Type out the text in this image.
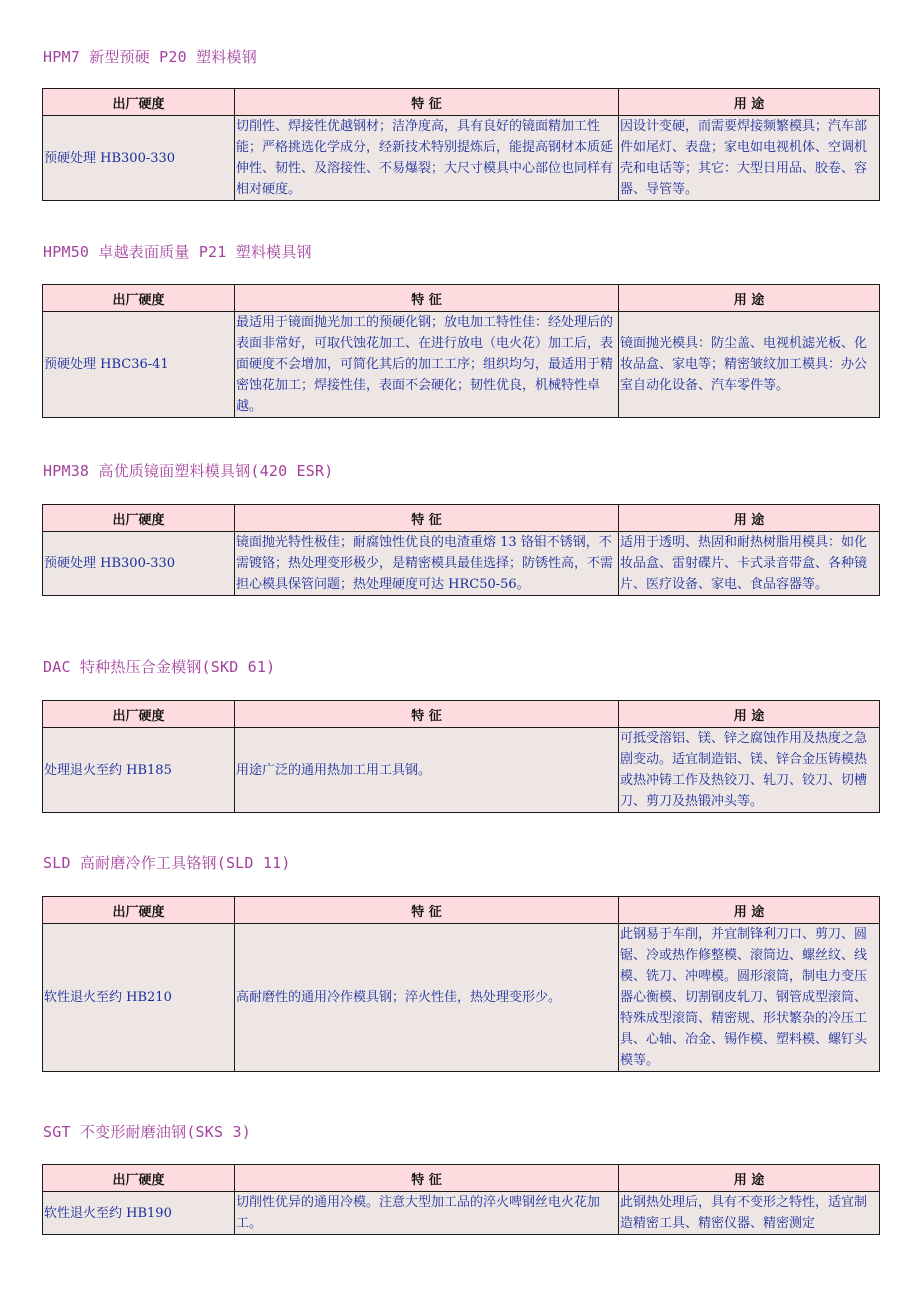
HPM7 新型预硬 P20 塑料模钢
出厂硬度	特 征	用 途
预硬处理 HB300-330	切削性、焊接性优越钢材；洁净度高，具有良好的镜面精加工性能；严格挑选化学成分，经新技术特别提炼后，能提高钢材本质延伸性、韧性、及溶接性、不易爆裂；大尺寸模具中心部位也同样有相对硬度。	因设计变硬，而需要焊接频繁模具；汽车部件如尾灯、表盘；家电如电视机体、空调机壳和电话等；其它：大型日用品、胶卷、容器、导管等。
HPM50 卓越表面质量 P21 塑料模具钢
出厂硬度	特 征	用 途
预硬处理 HBC36-41	最适用于镜面抛光加工的预硬化钢；放电加工特性佳：经处理后的表面非常好，可取代蚀花加工、在进行放电（电火花）加工后，表面硬度不会增加，可简化其后的加工工序；组织均匀，最适用于精密蚀花加工；焊接性佳，表面不会硬化；韧性优良，机械特性卓越。	镜面抛光模具：防尘盖、电视机滤光板、化妆品盒、家电等；精密皱纹加工模具：办公室自动化设备、汽车零件等。
HPM38 高优质镜面塑料模具钢(420 ESR)
出厂硬度	特 征	用 途
预硬处理 HB300-330	镜面抛光特性极佳；耐腐蚀性优良的电渣重熔 13 铬钼不锈钢，不需镀铬；热处理变形极少，是精密模具最佳选择；防锈性高，不需担心模具保管问题；热处理硬度可达 HRC50-56。	适用于透明、热固和耐热树脂用模具：如化妆品盒、雷射碟片、卡式录音带盒、各种镜片、医疗设备、家电、食品容器等。
DAC 特种热压合金模钢(SKD 61)
出厂硬度	特 征	用 途
处理退火至约 HB185	用途广泛的通用热加工用工具钢。	可抵受溶铝、镁、锌之腐蚀作用及热度之急剧变动。适宜制造铝、镁、锌合金压铸模热或热冲铸工作及热铰刀、轧刀、铰刀、切槽刀、剪刀及热锻冲头等。
SLD 高耐磨冷作工具铬钢(SLD 11)
出厂硬度	特 征	用 途
软性退火至约 HB210	高耐磨性的通用冷作模具钢；淬火性佳，热处理变形少。	此钢易于车削，并宜制锋利刀口、剪刀、圆锯、冷或热作修整模、滚筒边、螺丝纹、线模、铣刀、冲啤模。圆形滚筒，制电力变压器心衡模、切割钢皮轧刀、钢管成型滚筒、特殊成型滚筒、精密规、形状繁杂的冷压工具、心轴、冶金、锡作模、塑料模、螺钉头模等。
SGT 不变形耐磨油钢(SKS 3)
出厂硬度	特 征	用 途
软性退火至约 HB190	切削性优异的通用冷模。注意大型加工品的淬火啤钢丝电火花加工。	此钢热处理后，具有不变形之特性，适宜制造精密工具、精密仪器、精密测定
